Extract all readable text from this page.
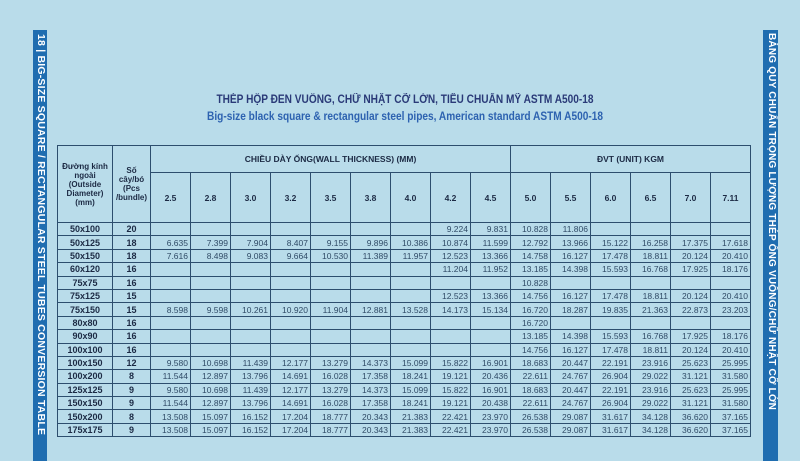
18 | BIG-SIZE SQUARE / RECTANGULAR STEEL TUBES CONVERSION TABLE	BẢNG QUY CHUẨN TRỌNG LƯỢNG THÉP ỐNG VUÔNG/CHỮ NHẬT CỠ LỚN
THÉP HỘP ĐEN VUÔNG, CHỮ NHẬT CỠ LỚN, TIÊU CHUẨN MỸ ASTM A500-18
Big-size black square & rectangular steel pipes, American standard ASTM A500-18
Đường kính ngoài (Outside Diameter) (mm)	Số cây/bó (Pcs /bundle)	CHIỀU DÀY ỐNG(WALL THICKNESS) (MM)									ĐVT (UNIT) KGM					
		2.5	2.8	3.0	3.2	3.5	3.8	4.0	4.2	4.5	5.0	5.5	6.0	6.5	7.0	7.11
50x100	20								9.224	9.831	10.828	11.806				
50x125	18	6.635	7.399	7.904	8.407	9.155	9.896	10.386	10.874	11.599	12.792	13.966	15.122	16.258	17.375	17.618
50x150	18	7.616	8.498	9.083	9.664	10.530	11.389	11.957	12.523	13.366	14.758	16.127	17.478	18.811	20.124	20.410
60x120	16								11.204	11.952	13.185	14.398	15.593	16.768	17.925	18.176
75x75	16										10.828					
75x125	15								12.523	13.366	14.756	16.127	17.478	18.811	20.124	20.410
75x150	15	8.598	9.598	10.261	10.920	11.904	12.881	13.528	14.173	15.134	16.720	18.287	19.835	21.363	22.873	23.203
80x80	16										16.720					
90x90	16										13.185	14.398	15.593	16.768	17.925	18.176
100x100	16										14.756	16.127	17.478	18.811	20.124	20.410
100x150	12	9.580	10.698	11.439	12.177	13.279	14.373	15.099	15.822	16.901	18.683	20.447	22.191	23.916	25.623	25.995
100x200	8	11.544	12.897	13.796	14.691	16.028	17.358	18.241	19.121	20.436	22.611	24.767	26.904	29.022	31.121	31.580
125x125	9	9.580	10.698	11.439	12.177	13.279	14.373	15.099	15.822	16.901	18.683	20.447	22.191	23.916	25.623	25.995
150x150	9	11.544	12.897	13.796	14.691	16.028	17.358	18.241	19.121	20.438	22.611	24.767	26.904	29.022	31.121	31.580
150x200	8	13.508	15.097	16.152	17.204	18.777	20.343	21.383	22.421	23.970	26.538	29.087	31.617	34.128	36.620	37.165
175x175	9	13.508	15.097	16.152	17.204	18.777	20.343	21.383	22.421	23.970	26.538	29.087	31.617	34.128	36.620	37.165
